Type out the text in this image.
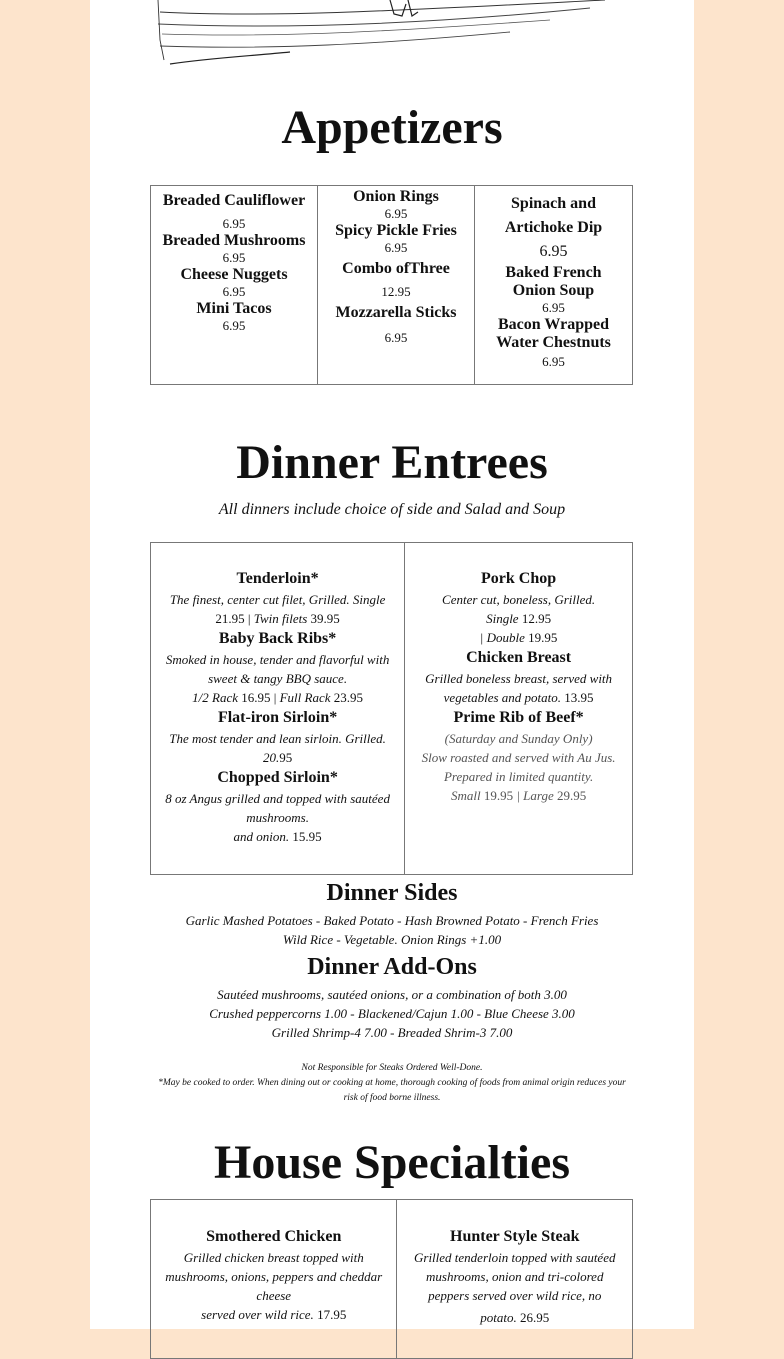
Appetizers
Breaded Cauliflower
6.95
Breaded Mushrooms
6.95
Cheese Nuggets
6.95
Mini Tacos
6.95

Onion Rings
6.95
Spicy Pickle Fries
6.95
Combo ofThree
12.95
Mozzarella Sticks
6.95

Spinach and Artichoke Dip
6.95
Baked French Onion Soup
6.95
Bacon Wrapped Water Chestnuts
6.95
Dinner Entrees
All dinners include choice of side and Salad and Soup
Tenderloin*
The finest, center cut filet, Grilled. Single
21.95 | Twin filets 39.95
Baby Back Ribs*
Smoked in house, tender and flavorful with sweet & tangy BBQ sauce.
1/2 Rack 16.95 | Full Rack 23.95
Flat-iron Sirloin*
The most tender and lean sirloin. Grilled.
20.95
Chopped Sirloin*
8 oz Angus grilled and topped with sautéed mushrooms.
and onion. 15.95

Pork Chop
Center cut, boneless, Grilled. Single 12.95
| Double 19.95
Chicken Breast
Grilled boneless breast, served with vegetables and potato. 13.95
Prime Rib of Beef*
(Saturday and Sunday Only)
Slow roasted and served with Au Jus. Prepared in limited quantity.
Small 19.95 | Large 29.95
Dinner Sides
Garlic Mashed Potatoes - Baked Potato - Hash Browned Potato - French Fries
Wild Rice - Vegetable. Onion Rings +1.00
Dinner Add-Ons
Sautéed mushrooms, sautéed onions, or a combination of both 3.00
Crushed peppercorns 1.00 - Blackened/Cajun 1.00 - Blue Cheese 3.00
Grilled Shrimp-4 7.00 - Breaded Shrim-3 7.00
Not Responsible for Steaks Ordered Well-Done.
*May be cooked to order. When dining out or cooking at home, thorough cooking of foods from animal origin reduces your risk of food borne illness.
House Specialties
Smothered Chicken
Grilled chicken breast topped with mushrooms, onions, peppers and cheddar cheese
served over wild rice. 17.95

Hunter Style Steak
Grilled tenderloin topped with sautéed mushrooms, onion and tri-colored peppers served over wild rice, no
potato. 26.95
